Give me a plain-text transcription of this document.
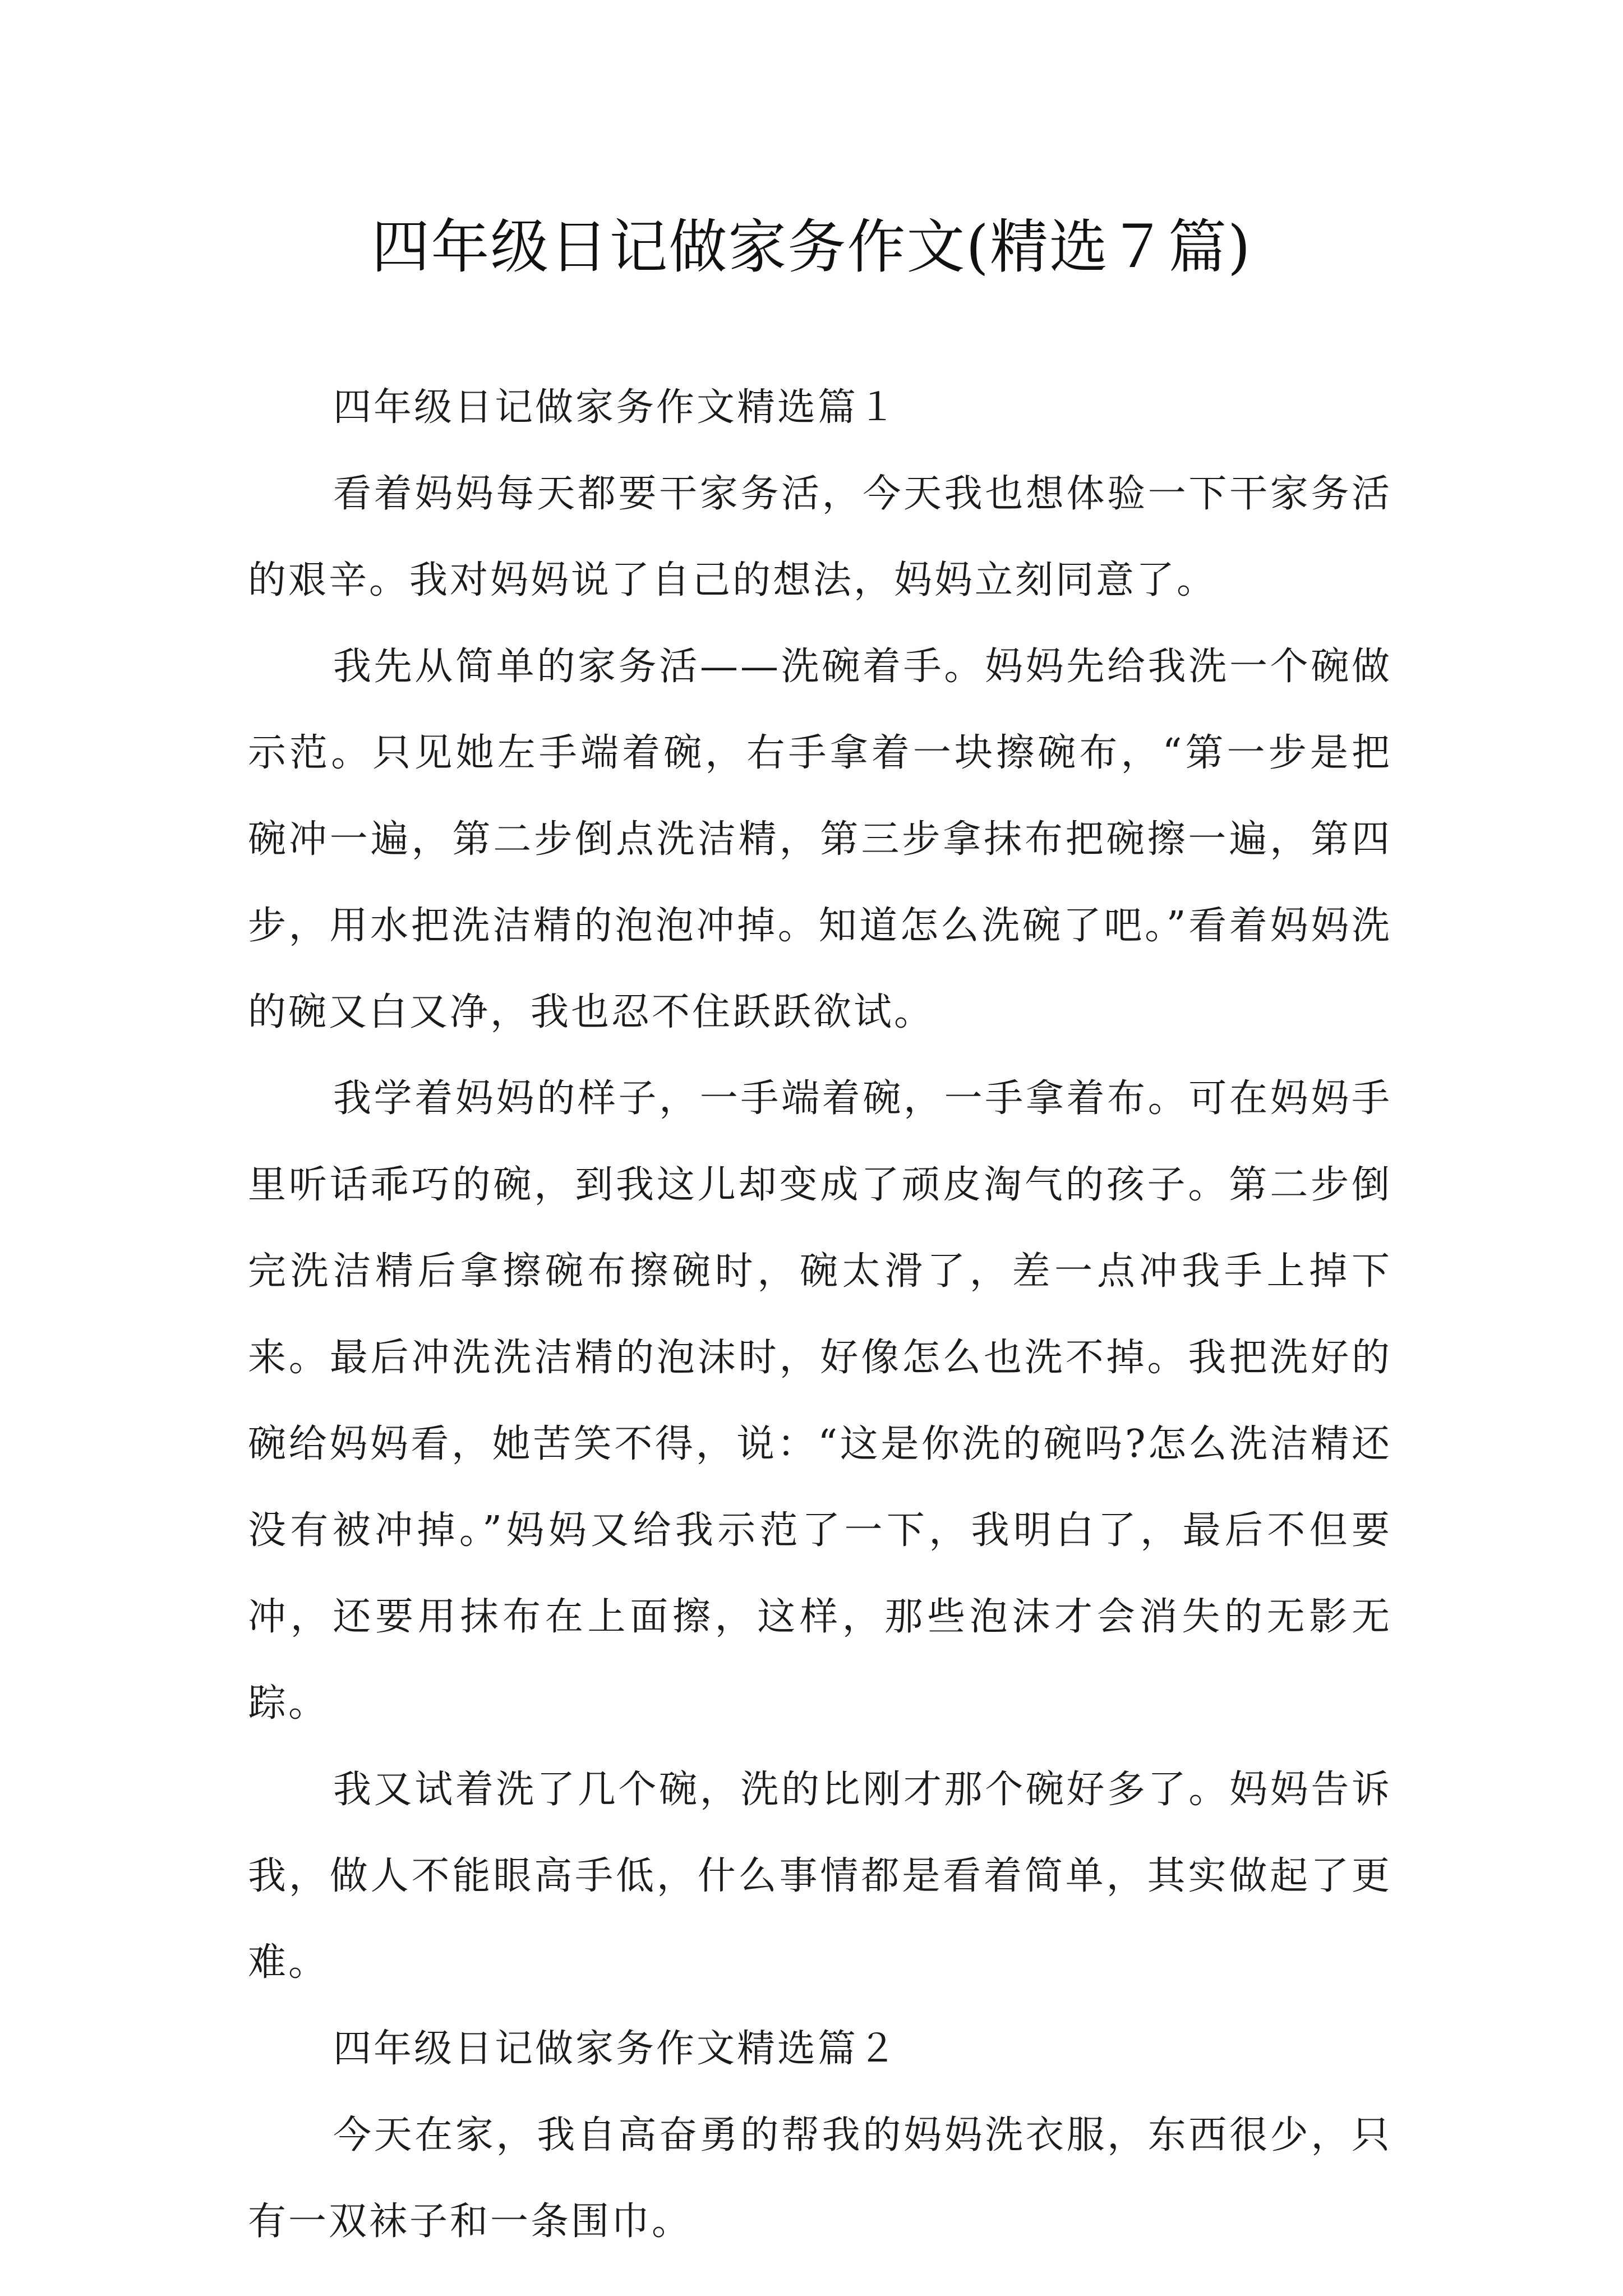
四年级日记做家务作文(精选７篇)

四年级日记做家务作文精选篇１

看着妈妈每天都要干家务活，今天我也想体验一下干家务活的艰辛。我对妈妈说了自己的想法，妈妈立刻同意了。

我先从简单的家务活——洗碗着手。妈妈先给我洗一个碗做示范。只见她左手端着碗，右手拿着一块擦碗布，“第一步是把碗冲一遍，第二步倒点洗洁精，第三步拿抹布把碗擦一遍，第四步，用水把洗洁精的泡泡冲掉。知道怎么洗碗了吧。”看着妈妈洗的碗又白又净，我也忍不住跃跃欲试。

我学着妈妈的样子，一手端着碗，一手拿着布。可在妈妈手里听话乖巧的碗，到我这儿却变成了顽皮淘气的孩子。第二步倒完洗洁精后拿擦碗布擦碗时，碗太滑了，差一点冲我手上掉下来。最后冲洗洗洁精的泡沫时，好像怎么也洗不掉。我把洗好的碗给妈妈看，她苦笑不得，说：“这是你洗的碗吗?怎么洗洁精还没有被冲掉。”妈妈又给我示范了一下，我明白了，最后不但要冲，还要用抹布在上面擦，这样，那些泡沫才会消失的无影无踪。

我又试着洗了几个碗，洗的比刚才那个碗好多了。妈妈告诉我，做人不能眼高手低，什么事情都是看着简单，其实做起了更难。

四年级日记做家务作文精选篇２

今天在家，我自高奋勇的帮我的妈妈洗衣服，东西很少，只有一双袜子和一条围巾。
